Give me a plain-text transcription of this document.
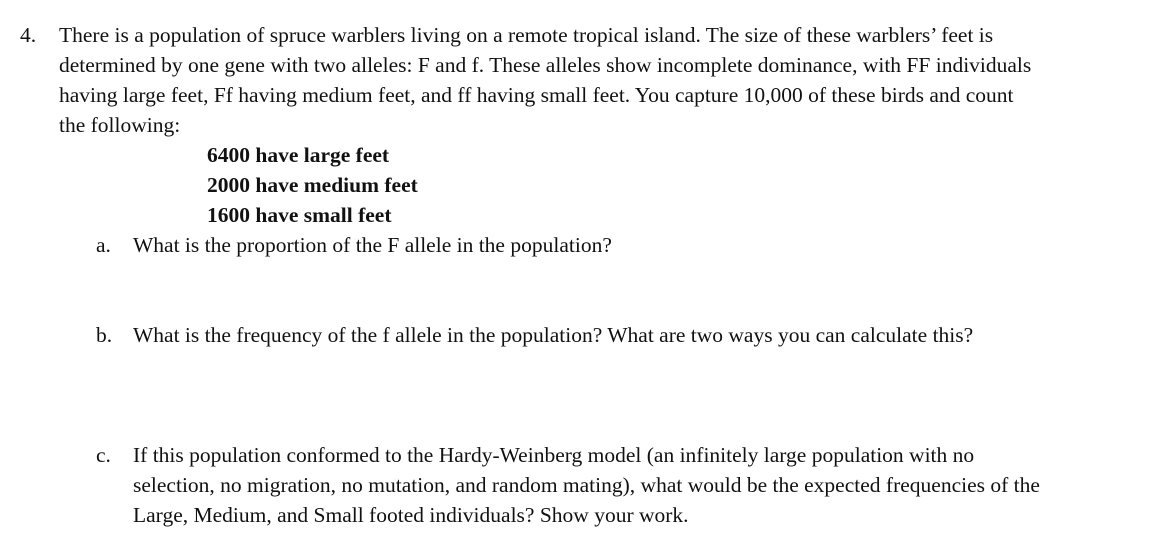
4. There is a population of spruce warblers living on a remote tropical island. The size of these warblers’ feet is
determined by one gene with two alleles: F and f. These alleles show incomplete dominance, with FF individuals
having large feet, Ff having medium feet, and ff having small feet. You capture 10,000 of these birds and count
the following:
6400 have large feet
2000 have medium feet
1600 have small feet
a. What is the proportion of the F allele in the population?
b. What is the frequency of the f allele in the population? What are two ways you can calculate this?
c. If this population conformed to the Hardy-Weinberg model (an infinitely large population with no
selection, no migration, no mutation, and random mating), what would be the expected frequencies of the
Large, Medium, and Small footed individuals? Show your work.
